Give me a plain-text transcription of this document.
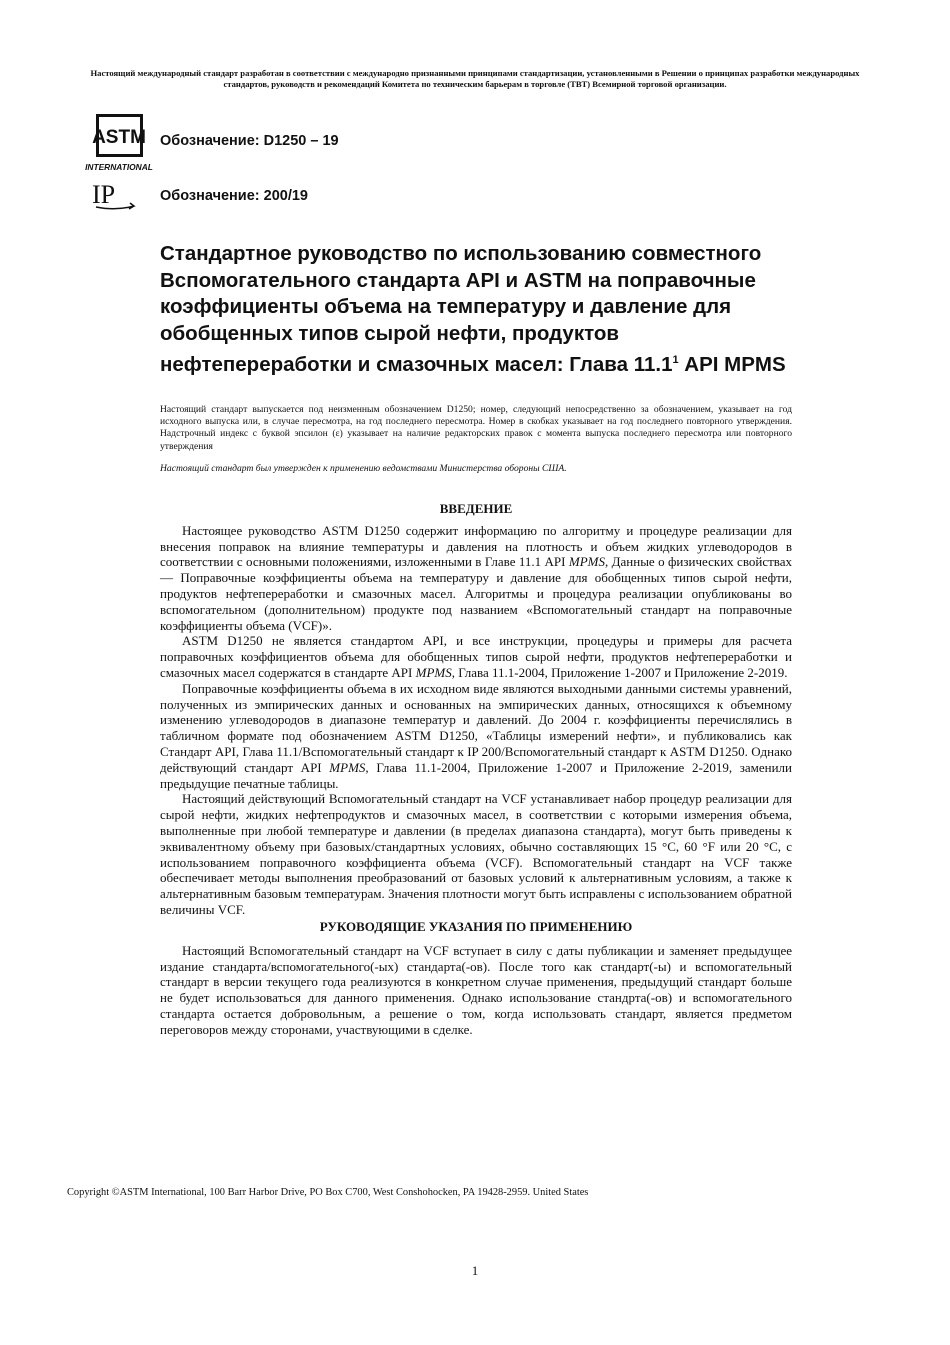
Настоящий международный стандарт разработан в соответствии с международно признанными принципами стандартизации, установленными в Решении о принципах разработки международных стандартов, руководств и рекомендаций Комитета по техническим барьерам в торговле (ТВТ) Всемирной торговой организации.
ASTM
INTERNATIONAL
Обозначение: D1250 – 19
IP	Обозначение: 200/19
Стандартное руководство по использованию совместного Вспомогательного стандарта API и ASTM на поправочные коэффициенты объема на температуру и давление для обобщенных типов сырой нефти, продуктов нефтепереработки и смазочных масел: Глава 11.1$^1$ API MPMS

Настоящий стандарт выпускается под неизменным обозначением D1250; номер, следующий непосредственно за обозначением, указывает на год исходного выпуска или, в случае пересмотра, на год последнего пересмотра. Номер в скобках указывает на год последнего повторного утверждения. Надстрочный индекс с буквой эпсилон (ε) указывает на наличие редакторских правок с момента выпуска последнего пересмотра или повторного утверждения

Настоящий стандарт был утвержден к применению ведомствами Министерства обороны США.

ВВЕДЕНИЕ

Настоящее руководство ASTM D1250 содержит информацию по алгоритму и процедуре реализации для внесения поправок на влияние температуры и давления на плотность и объем жидких углеводородов в соответствии с основными положениями, изложенными в Главе 11.1 API MPMS, Данные о физических свойствах — Поправочные коэффициенты объема на температуру и давление для обобщенных типов сырой нефти, продуктов нефтепереработки и смазочных масел. Алгоритмы и процедура реализации опубликованы во вспомогательном (дополнительном) продукте под названием «Вспомогательный стандарт на поправочные коэффициенты объема (VCF)».

ASTM D1250 не является стандартом API, и все инструкции, процедуры и примеры для расчета поправочных коэффициентов объема для обобщенных типов сырой нефти, продуктов нефтепереработки и смазочных масел содержатся в стандарте API MPMS, Глава 11.1-2004, Приложение 1-2007 и Приложение 2-2019.

Поправочные коэффициенты объема в их исходном виде являются выходными данными системы уравнений, полученных из эмпирических данных и основанных на эмпирических данных, относящихся к объемному изменению углеводородов в диапазоне температур и давлений. До 2004 г. коэффициенты перечислялись в табличном формате под обозначением ASTM D1250, «Таблицы измерений нефти», и публиковались как Стандарт API, Глава 11.1/Вспомогательный стандарт к IP 200/Вспомогательный стандарт к ASTM D1250. Однако действующий стандарт API MPMS, Глава 11.1-2004, Приложение 1-2007 и Приложение 2-2019, заменили предыдущие печатные таблицы.

Настоящий действующий Вспомогательный стандарт на VCF устанавливает набор процедур реализации для сырой нефти, жидких нефтепродуктов и смазочных масел, в соответствии с которыми измерения объема, выполненные при любой температуре и давлении (в пределах диапазона стандарта), могут быть приведены к эквивалентному объему при базовых/стандартных условиях, обычно составляющих 15 °C, 60 °F или 20 °C, с использованием поправочного коэффициента объема (VCF). Вспомогательный стандарт на VCF также обеспечивает методы выполнения преобразований от базовых условий к альтернативным условиям, а также к альтернативным базовым температурам. Значения плотности могут быть исправлены с использованием обратной величины VCF.

РУКОВОДЯЩИЕ УКАЗАНИЯ ПО ПРИМЕНЕНИЮ

Настоящий Вспомогательный стандарт на VCF вступает в силу с даты публикации и заменяет предыдущее издание стандарта/вспомогательного(-ых) стандарта(-ов). После того как стандарт(-ы) и вспомогательный стандарт в версии текущего года реализуются в конкретном случае применения, предыдущий стандарт больше не будет использоваться для данного применения. Однако использование стандрта(-ов) и вспомогательного стандарта остается добровольным, а решение о том, когда использовать стандарт, является предметом переговоров между сторонами, участвующими в сделке.

Copyright ©ASTM International, 100 Barr Harbor Drive, PO Box C700, West Conshohocken, PA 19428-2959. United States
1
